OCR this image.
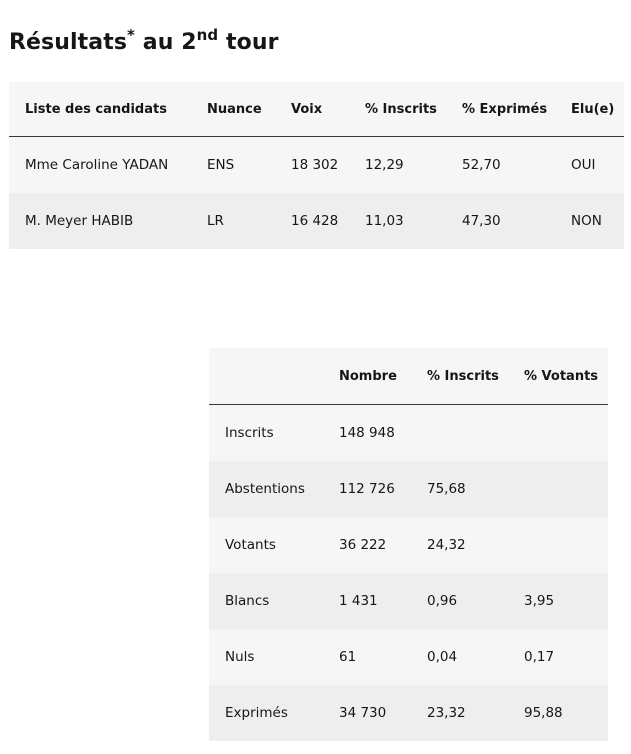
Résultats* au 2nd tour
Liste des candidats	Nuance	Voix	% Inscrits	% Exprimés	Elu(e)
Mme Caroline YADAN	ENS	18 302	12,29	52,70	OUI
M. Meyer HABIB	LR	16 428	11,03	47,30	NON
	Nombre	% Inscrits	% Votants
Inscrits	148 948		
Abstentions	112 726	75,68	
Votants	36 222	24,32	
Blancs	1 431	0,96	3,95
Nuls	61	0,04	0,17
Exprimés	34 730	23,32	95,88
